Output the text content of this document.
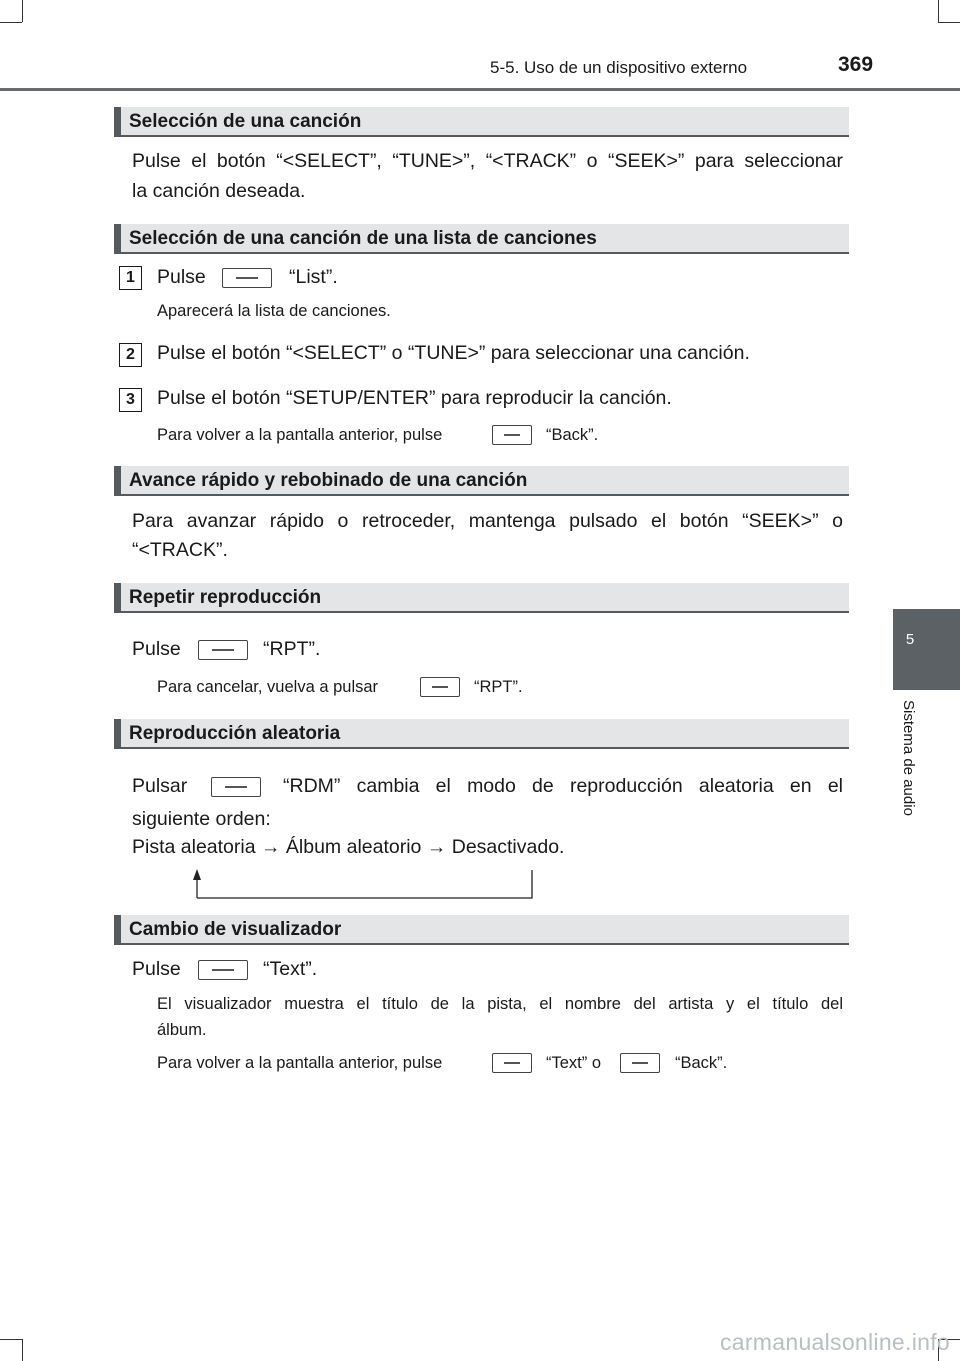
5-5. Uso de un dispositivo externo	369
5
Sistema de audio
Selección de una canción
Pulse el botón “<SELECT”, “TUNE>”, “<TRACK” o “SEEK>” para seleccionar
la canción deseada.
Selección de una canción de una lista de canciones
1	Pulse	“List”.
Aparecerá la lista de canciones.
2	Pulse el botón “<SELECT” o “TUNE>” para seleccionar una canción.
3	Pulse el botón “SETUP/ENTER” para reproducir la canción.
Para volver a la pantalla anterior, pulse	“Back”.
Avance rápido y rebobinado de una canción
Para avanzar rápido o retroceder, mantenga pulsado el botón “SEEK>” o
“<TRACK”.
Repetir reproducción
Pulse	“RPT”.
Para cancelar, vuelva a pulsar	“RPT”.
Reproducción aleatoria
Pulsar	“RDM” cambia el modo de reproducción aleatoria en el
siguiente orden:
Pista aleatoria → Álbum aleatorio → Desactivado.
Cambio de visualizador
Pulse	“Text”.
El visualizador muestra el título de la pista, el nombre del artista y el título del
álbum.
Para volver a la pantalla anterior, pulse	“Text” o	“Back”.
carmanualsonline.info
